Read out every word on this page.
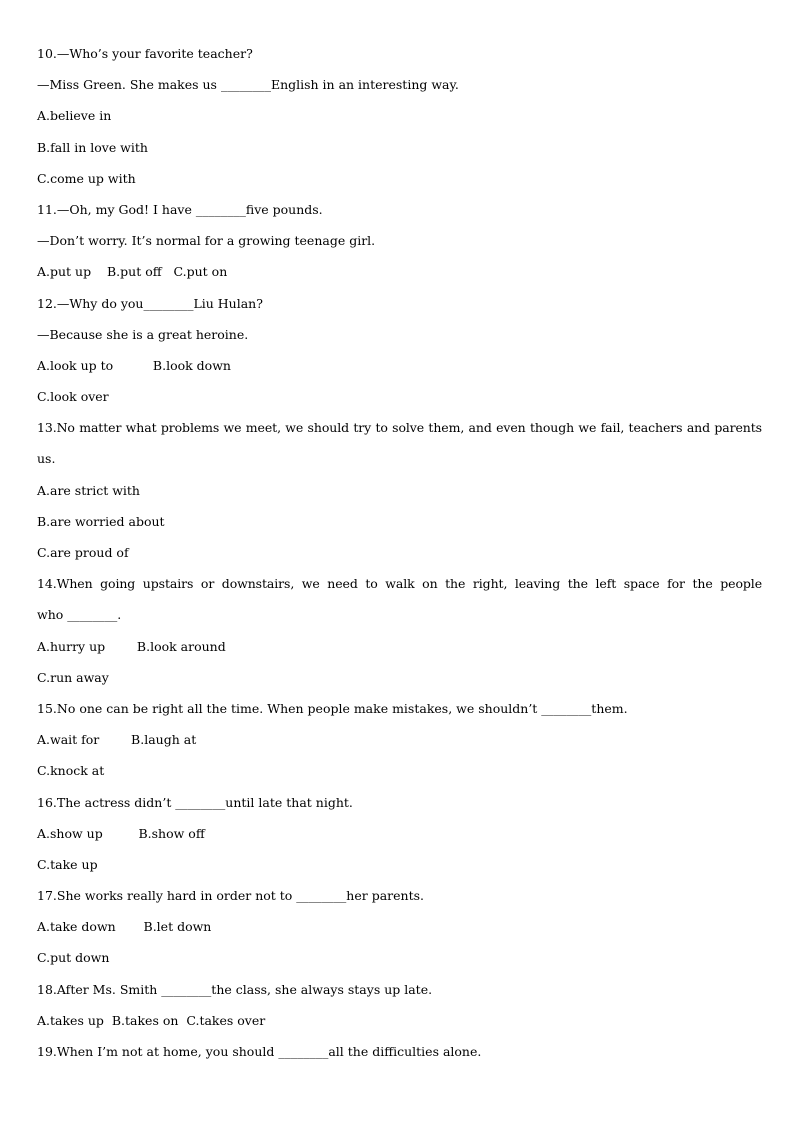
10.—Who’s your favorite teacher?
—Miss Green. She makes us ________English in an interesting way.
A.believe in
B.fall in love with
C.come up with
11.—Oh, my God! I have ________five pounds.
—Don’t worry. It’s normal for a growing teenage girl.
A.put up    B.put off   C.put on
12.—Why do you________Liu Hulan?
—Because she is a great heroine.
A.look up to          B.look down
C.look over
13.No matter what problems we meet, we should try to solve them, and even though we fail, teachers and parents
us.
A.are strict with
B.are worried about
C.are proud of
14.When going upstairs or downstairs, we need to walk on the right, leaving the left space for the people
who ________.
A.hurry up        B.look around
C.run away
15.No one can be right all the time. When people make mistakes, we shouldn’t ________them.
A.wait for        B.laugh at
C.knock at
16.The actress didn’t ________until late that night.
A.show up         B.show off
C.take up
17.She works really hard in order not to ________her parents.
A.take down       B.let down
C.put down
18.After Ms. Smith ________the class, she always stays up late.
A.takes up  B.takes on  C.takes over
19.When I’m not at home, you should ________all the difficulties alone.
